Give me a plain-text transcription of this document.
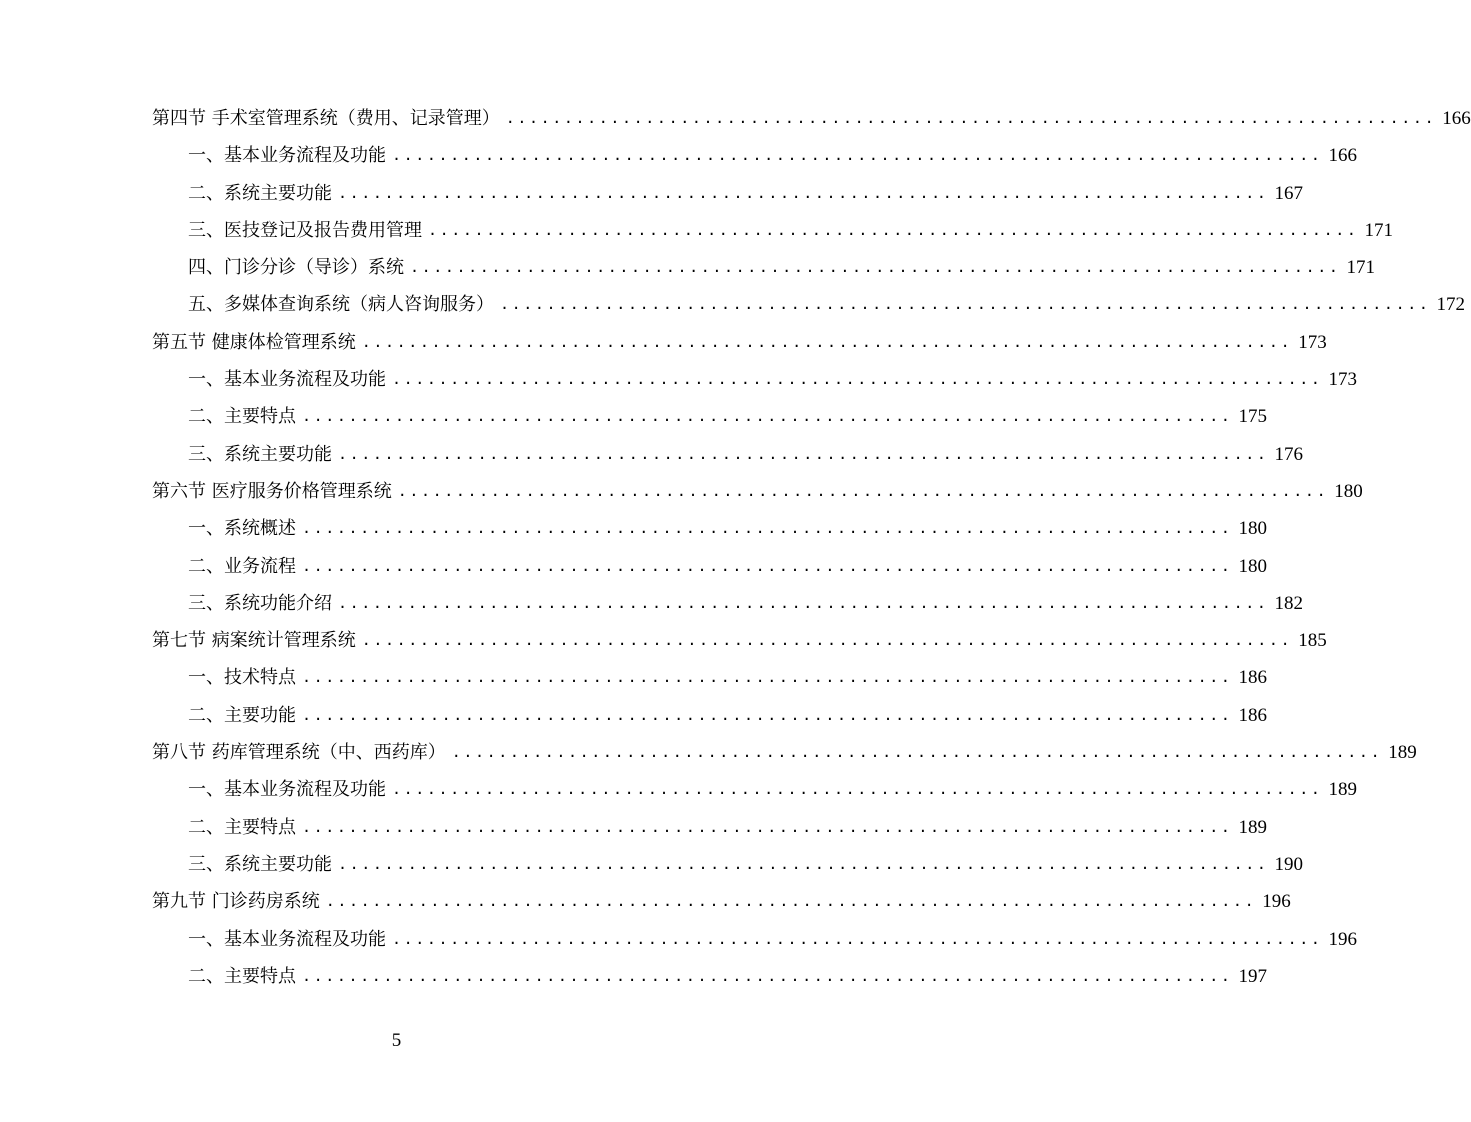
第四节 手术室管理系统（费用、记录管理） ................................................................................ 166
一、基本业务流程及功能 ................................................................................ 166
二、系统主要功能 ................................................................................ 167
三、医技登记及报告费用管理 ................................................................................ 171
四、门诊分诊（导诊）系统 ................................................................................ 171
五、多媒体查询系统（病人咨询服务） ................................................................................ 172
第五节 健康体检管理系统 ................................................................................ 173
一、基本业务流程及功能 ................................................................................ 173
二、主要特点 ................................................................................ 175
三、系统主要功能 ................................................................................ 176
第六节 医疗服务价格管理系统 ................................................................................ 180
一、系统概述 ................................................................................ 180
二、业务流程 ................................................................................ 180
三、系统功能介绍 ................................................................................ 182
第七节 病案统计管理系统 ................................................................................ 185
一、技术特点 ................................................................................ 186
二、主要功能 ................................................................................ 186
第八节 药库管理系统（中、西药库） ................................................................................ 189
一、基本业务流程及功能 ................................................................................ 189
二、主要特点 ................................................................................ 189
三、系统主要功能 ................................................................................ 190
第九节 门诊药房系统 ................................................................................ 196
一、基本业务流程及功能 ................................................................................ 196
二、主要特点 ................................................................................ 197
5
